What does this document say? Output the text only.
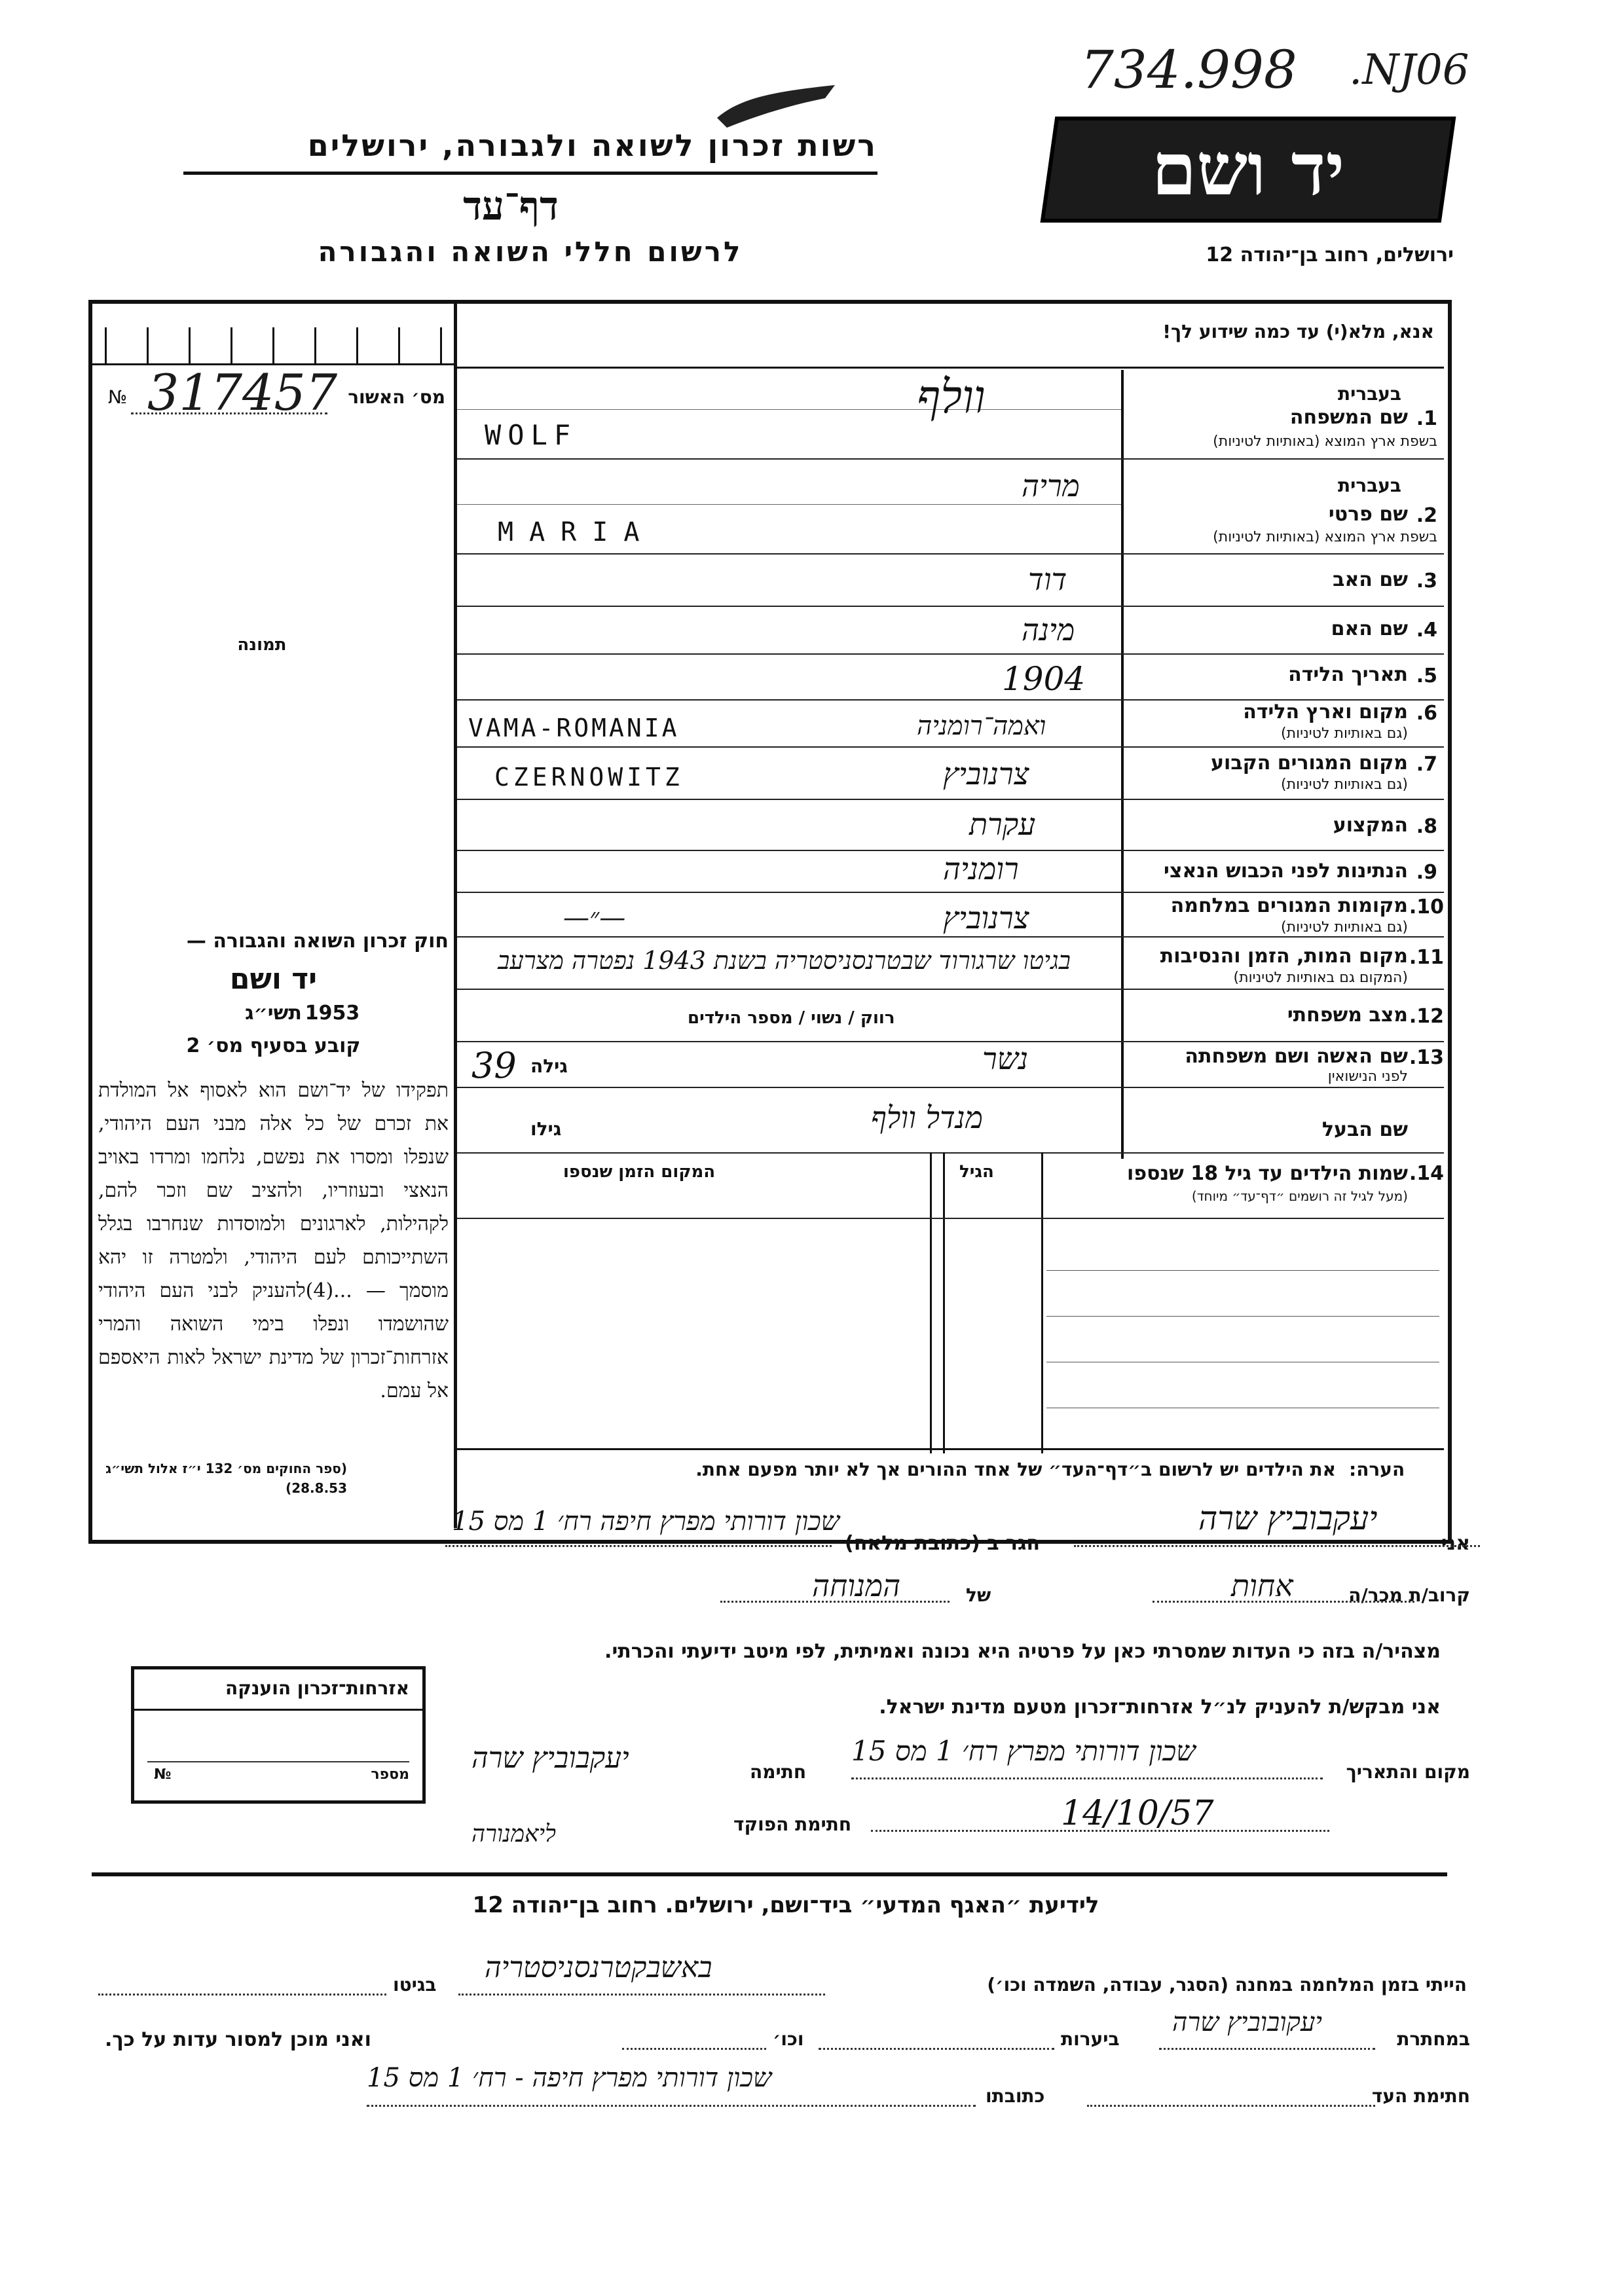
734.998 .NJ06
יד ושם
רשות זכרון לשואה ולגבורה, ירושלים
דף־עד
לרשום חללי השואה והגבורה	ירושלים, רחוב בן־יהודה 12
אנא, מלא(י) עד כמה שידוע לך!
מס׳ האשור
317457
№
תמונה
בעברית
שם המשפחה 1.
בשפת ארץ המוצא (באותיות לטיניות)
וולף
WOLF
בעברית
שם פרטי 2.
בשפת ארץ המוצא (באותיות לטיניות)
מריה
MARIA
3.
שם האב
דוד
4.
שם האם
מינה
5.
תאריך הלידה
1904
6.
מקום וארץ הלידה
(גם באותיות לטיניות)
ואמה־רומניה
VAMA-ROMANIA
7.
מקום המגורים הקבוע
(גם באותיות לטיניות)
צרנוביץ
CZERNOWITZ
8.
המקצוע
עקרת
9.
הנתינות לפני הכבוש הנאצי
רומניה
10.
מקומות המגורים במלחמה
(גם באותיות לטיניות)
צרנוביץ
—״—
11.
מקום המות, הזמן והנסיבות
(המקום גם באותיות לטיניות)
בגיטו שרגורוד שבטרנסניסטריה בשנת 1943 נפטרה מצרעב
12.
מצב משפחתי
רווק / נשוי / מספר הילדים
13.
שם האשה ושם משפחתה
לפני הנישואין
נשר
גילה
39
שם הבעל
מנדל וולף
גילו
14.
שמות הילדים עד גיל 18 שנספו
(מעל לגיל זה רושמים ״דף־עד״ מיוחד)
הגיל
המקום הזמן שנספו
הערה:
את הילדים יש לרשום ב״דף־העד״ של אחד ההורים אך לא יותר מפעם אחת.
חוק זכרון השואה והגבורה —
יד ושם
תשי״ג 1953
קובע בסעיף מס׳ 2
תפקידו של יד־ושם הוא לאסוף אל המולדת את זכרם של כל אלה מבני העם היהודי, שנפלו ומסרו את נפשם, נלחמו ומרדו באויב הנאצי ובעוזריו, ולהציב שם וזכר להם, לקהילות, לארגונים ולמוסדות שנחרבו בגלל השתייכותם לעם היהודי, ולמטרה זו יהא מוסמך — ...(4)להעניק לבני העם היהודי שהושמדו ונפלו בימי השואה והמרי אזרחות־זכרון של מדינת ישראל לאות היאספם אל עמם.
(ספר החוקים מס׳ 132 י״ז אלול תשי״ג 28.8.53)
אני
יעקבוביץ שרה
הגר ב (כתובת מלאה)
שכון דורותי מפרץ חיפה רח׳ 1 מס 15
קרוב/ת מכר/ה
אחות
של
המנוחה
מצהיר/ה בזה כי העדות שמסרתי כאן על פרטיה היא נכונה ואמיתית, לפי מיטב ידיעתי והכרתי.
אני מבקש/ת להעניק לנ״ל אזרחות־זכרון מטעם מדינת ישראל.
מקום והתאריך
שכון דורותי מפרץ רח׳ 1 מס 15
חתימה
יעקבוביץ שרה
14/10/57
חתימת הפוקד
ליאמנורה
אזרחות־זכרון הוענקה
מספר
№
לידיעת ״האגף המדעי״ ביד־ושם, ירושלים. רחוב בן־יהודה 12
הייתי בזמן המלחמה במחנה (הסגר, עבודה, השמדה וכו׳)
באשבקטרנסניסטריה
בגיטו
במחתרת
יעקובוביץ שרה
ביערות
וכו׳
ואני מוכן למסור עדות על כך.
חתימת העד
כתובתו
שכון דורותי מפרץ חיפה - רח׳ 1 מס 15
